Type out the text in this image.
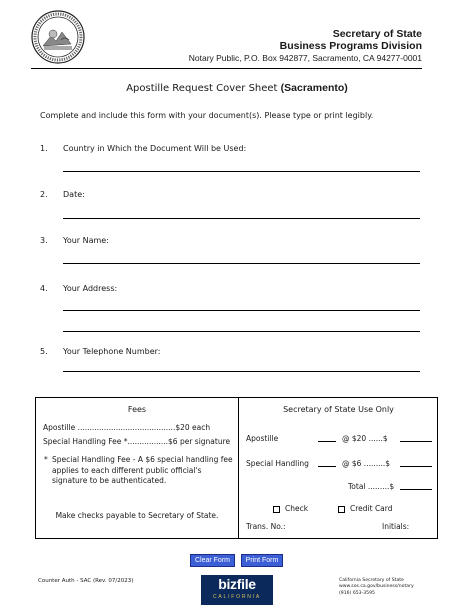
Secretary of State
Business Programs Division
Notary Public, P.O. Box 942877, Sacramento, CA 94277-0001
Apostille Request Cover Sheet (Sacramento)
Complete and include this form with your document(s). Please type or print legibly.
1. Country in Which the Document Will be Used:
2. Date:
3. Your Name:
4. Your Address:
5. Your Telephone Number:
Fees
Apostille .........................................$20 each
Special Handling Fee *.................$6 per signature
* Special Handling Fee - A $6 special handling fee applies to each different public official's signature to be authenticated.
Make checks payable to Secretary of State.
Secretary of State Use Only
Apostille	@ $20 ......$
Special Handling	@ $6 .........$
Total .........$
Check	Credit Card
Trans. No.:	Initials:
Clear Form	Print Form
Counter Auth - SAC (Rev. 07/2023)	bizfile
CALIFORNIA
California Secretary of State
www.sos.ca.gov/business/notary
(916) 653-3595
